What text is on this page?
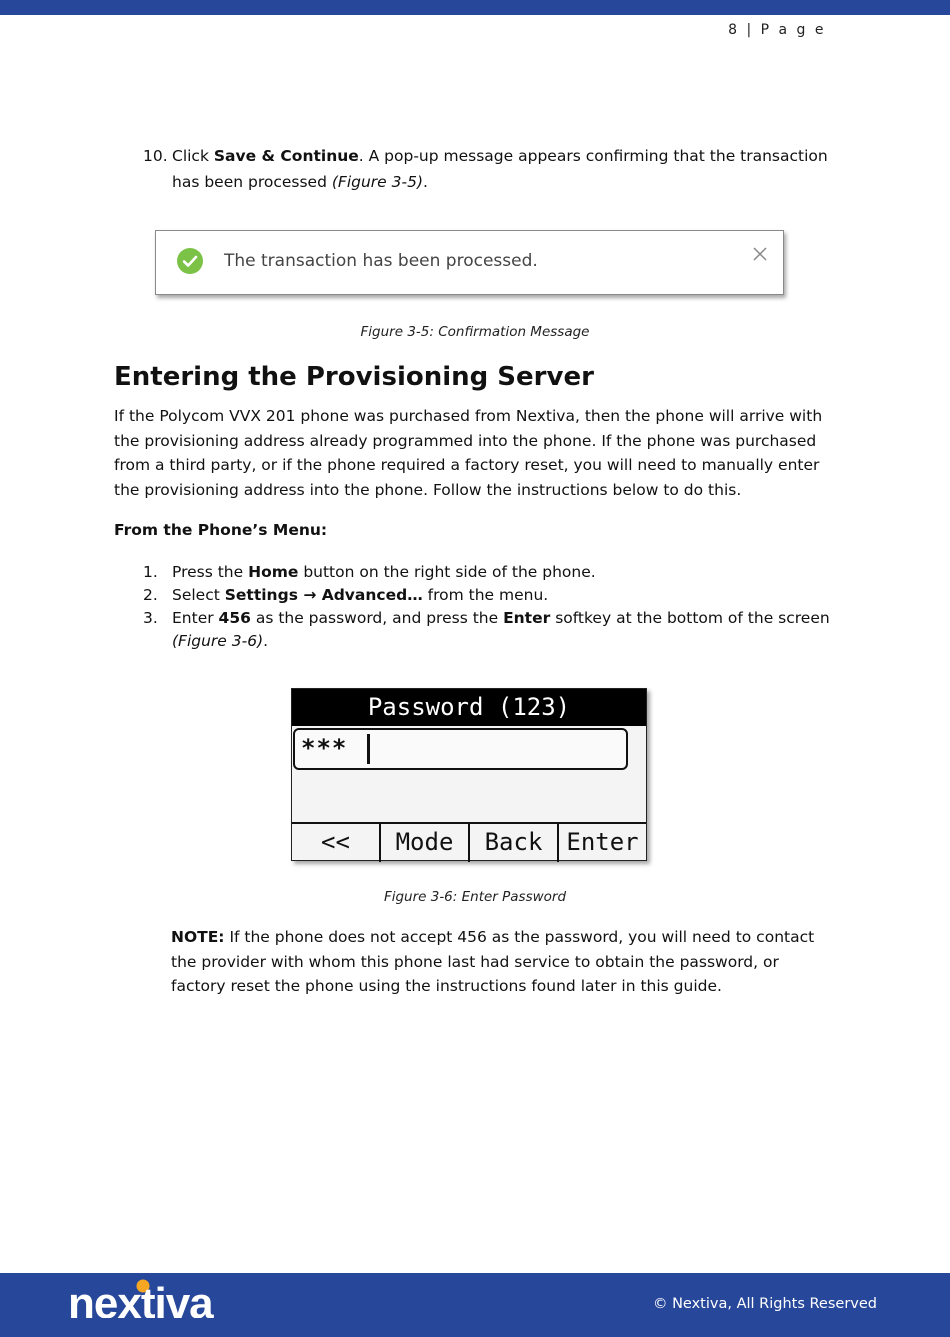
8 | P a g e
10. Click Save & Continue. A pop-up message appears confirming that the transaction has been processed (Figure 3-5).
The transaction has been processed.
Figure 3-5: Confirmation Message
Entering the Provisioning Server
If the Polycom VVX 201 phone was purchased from Nextiva, then the phone will arrive with the provisioning address already programmed into the phone. If the phone was purchased from a third party, or if the phone required a factory reset, you will need to manually enter the provisioning address into the phone. Follow the instructions below to do this.
From the Phone’s Menu:
1. Press the Home button on the right side of the phone.
2. Select Settings → Advanced… from the menu.
3. Enter 456 as the password, and press the Enter softkey at the bottom of the screen (Figure 3-6).
Password (123)
***
<<	Mode	Back Enter
Figure 3-6: Enter Password
NOTE: If the phone does not accept 456 as the password, you will need to contact the provider with whom this phone last had service to obtain the password, or factory reset the phone using the instructions found later in this guide.
nextiva	© Nextiva, All Rights Reserved
